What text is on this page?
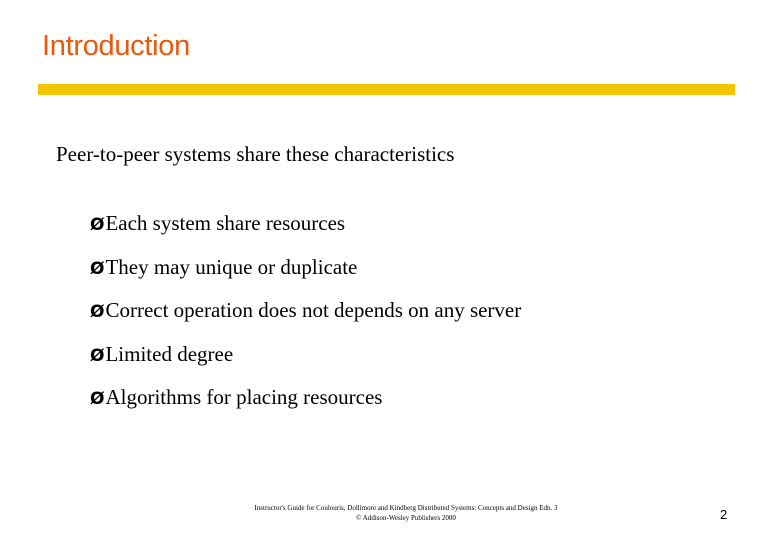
Introduction

Peer-to-peer systems share these characteristics

ØEach system share resources
ØThey may unique or duplicate
ØCorrect operation does not depends on any server
ØLimited degree
ØAlgorithms for placing resources
Instructor's Guide for Coulouris, Dollimore and Kindberg Distributed Systems: Concepts and Design Edn. 3
© Addison-Wesley Publishers 2000	2
